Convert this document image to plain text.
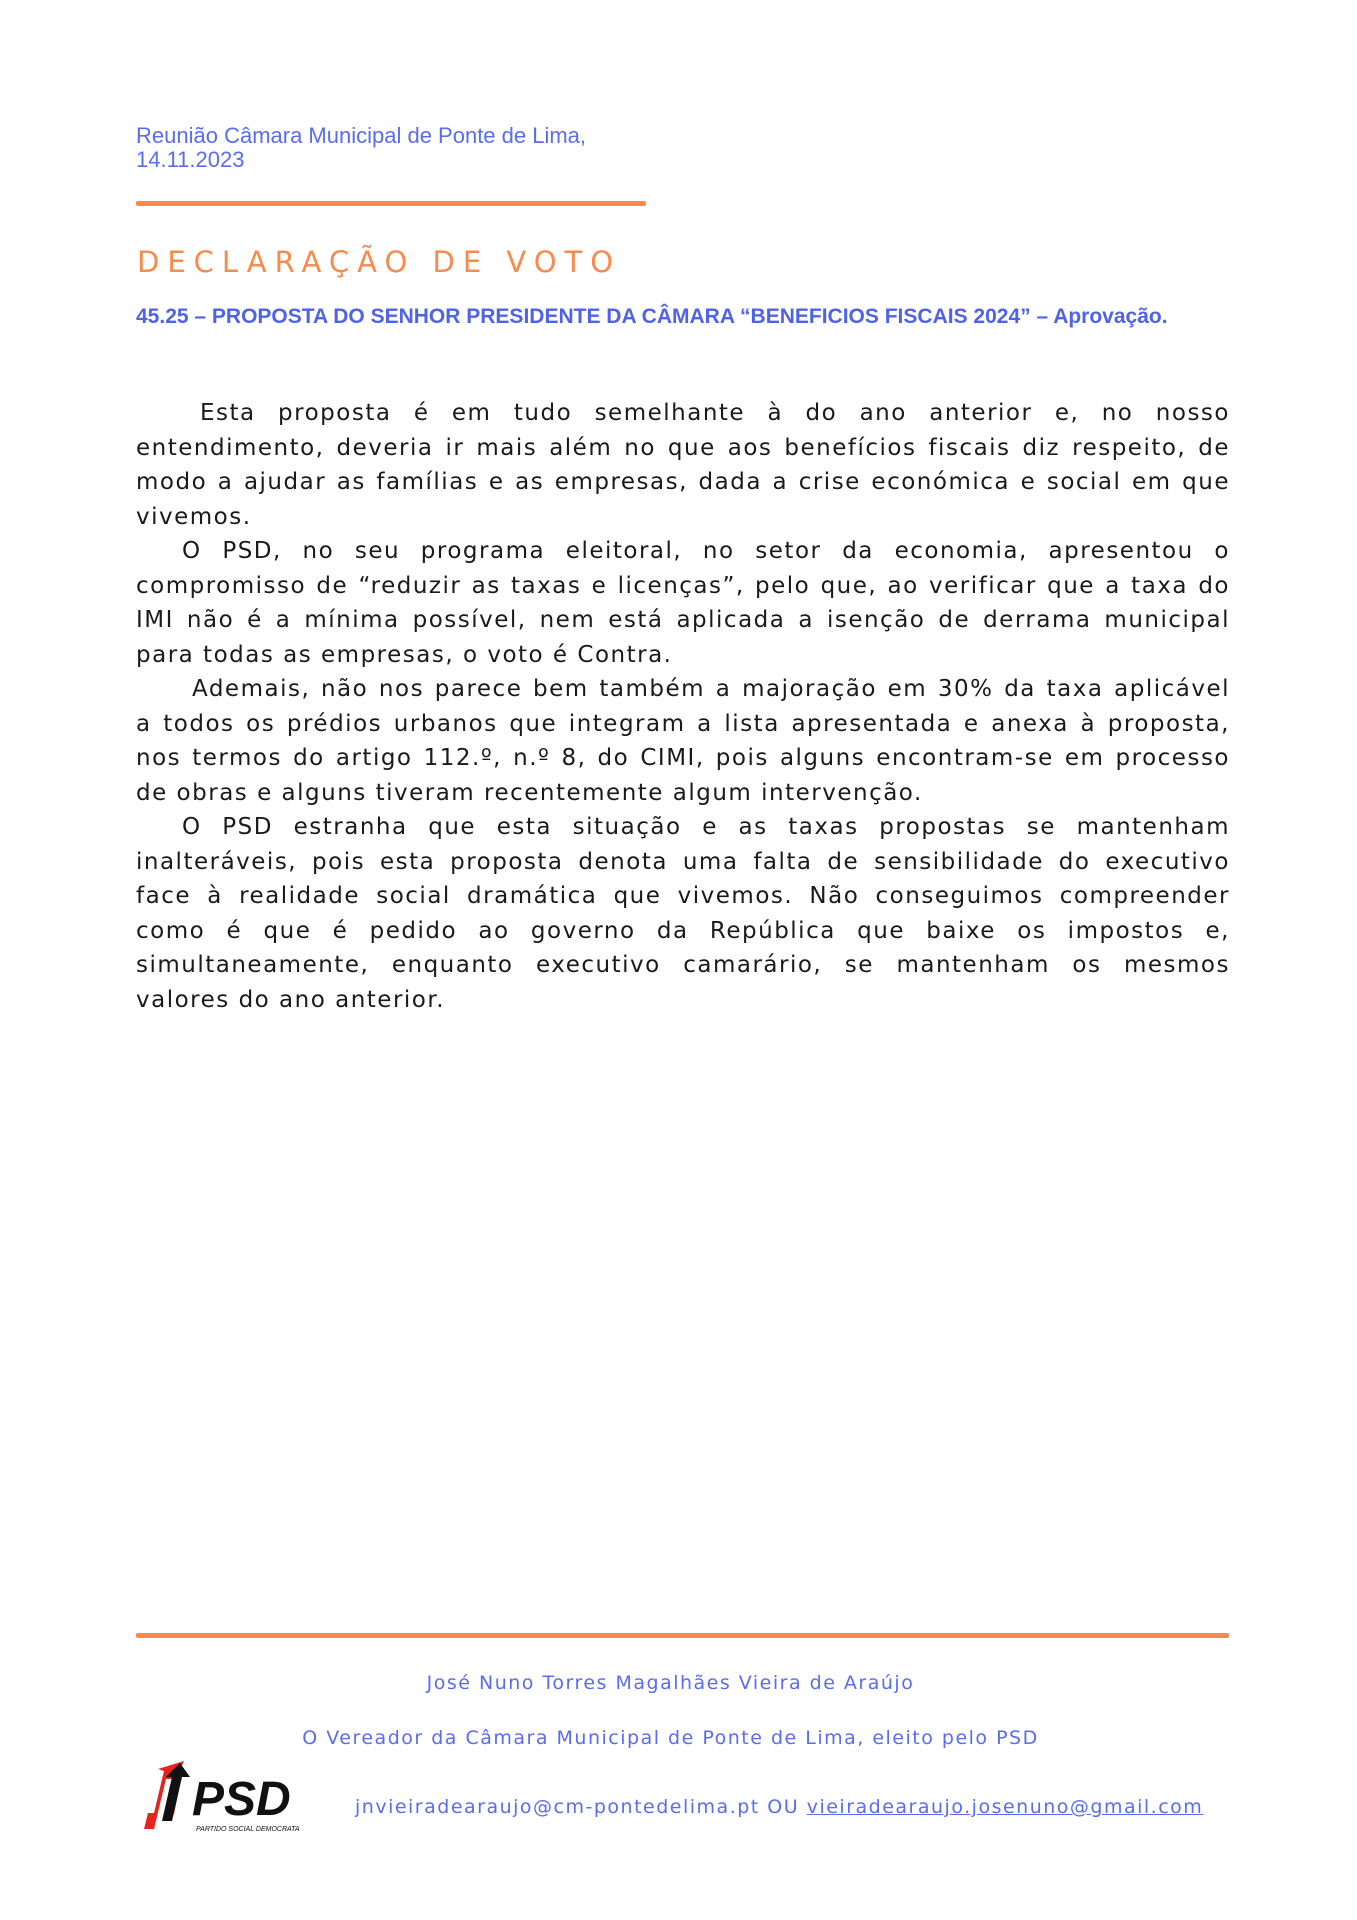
Reunião Câmara Municipal de Ponte de Lima, 14.11.2023
DECLARAÇÃO DE VOTO
45.25 – PROPOSTA DO SENHOR PRESIDENTE DA CÂMARA “BENEFICIOS FISCAIS 2024” – Aprovação.

Esta proposta é em tudo semelhante à do ano anterior e, no nosso entendimento, deveria ir mais além no que aos benefícios fiscais diz respeito, de modo a ajudar as famílias e as empresas, dada a crise económica e social em que vivemos.

O PSD, no seu programa eleitoral, no setor da economia, apresentou o compromisso de “reduzir as taxas e licenças”, pelo que, ao verificar que a taxa do IMI não é a mínima possível, nem está aplicada a isenção de derrama municipal para todas as empresas, o voto é Contra.

Ademais, não nos parece bem também a majoração em 30% da taxa aplicável a todos os prédios urbanos que integram a lista apresentada e anexa à proposta, nos termos do artigo 112.º, n.º 8, do CIMI, pois alguns encontram-se em processo de obras e alguns tiveram recentemente algum intervenção.

O PSD estranha que esta situação e as taxas propostas se mantenham inalteráveis, pois esta proposta denota uma falta de sensibilidade do executivo face à realidade social dramática que vivemos. Não conseguimos compreender como é que é pedido ao governo da República que baixe os impostos e, simultaneamente, enquanto executivo camarário, se mantenham os mesmos valores do ano anterior.

José Nuno Torres Magalhães Vieira de Araújo
O Vereador da Câmara Municipal de Ponte de Lima, eleito pelo PSD
PSD
PARTIDO SOCIAL DEMOCRATA
jnvieiradearaujo@cm-pontedelima.pt OU vieiradearaujo.josenuno@gmail.com
